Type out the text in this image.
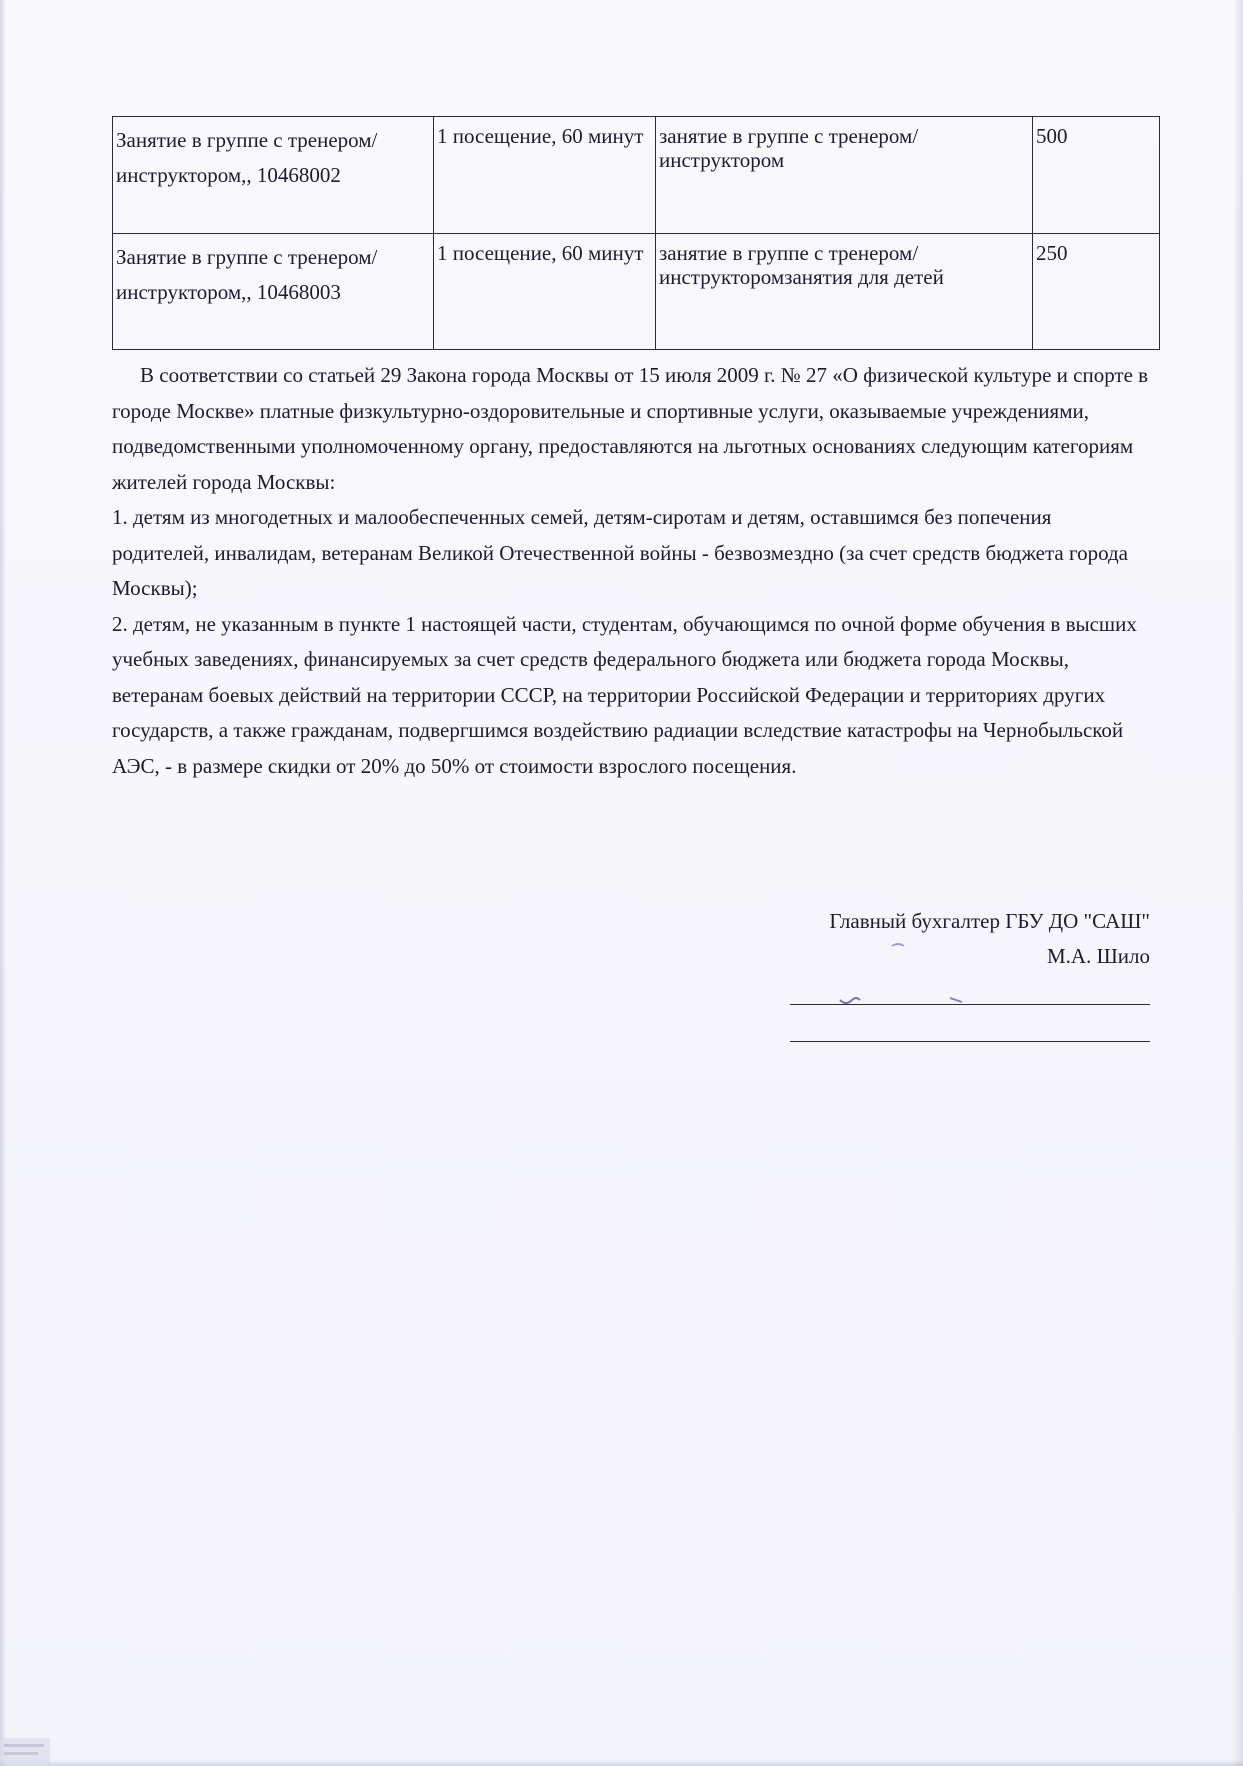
Занятие в группе с тренером/инструктором,, 10468002	1 посещение, 60 минут	занятие в группе с тренером/инструктором	500
Занятие в группе с тренером/инструктором,, 10468003	1 посещение, 60 минут	занятие в группе с тренером/инструкторомзанятия для детей	250

В соответствии со статьей 29 Закона города Москвы от 15 июля 2009 г. № 27 «О физической культуре и спорте в городе Москве» платные физкультурно-оздоровительные и спортивные услуги, оказываемые учреждениями, подведомственными уполномоченному органу, предоставляются на льготных основаниях следующим категориям жителей города Москвы:

1. детям из многодетных и малообеспеченных семей, детям-сиротам и детям, оставшимся без попечения родителей, инвалидам, ветеранам Великой Отечественной войны - безвозмездно (за счет средств бюджета города Москвы);

2. детям, не указанным в пункте 1 настоящей части, студентам, обучающимся по очной форме обучения в высших учебных заведениях, финансируемых за счет средств федерального бюджета или бюджета города Москвы, ветеранам боевых действий на территории СССР, на территории Российской Федерации и территориях других государств, а также гражданам, подвергшимся воздействию радиации вследствие катастрофы на Чернобыльской АЭС, - в размере скидки от 20% до 50% от стоимости взрослого посещения.

Главный бухгалтер ГБУ ДО "САШ"
М.А. Шило
